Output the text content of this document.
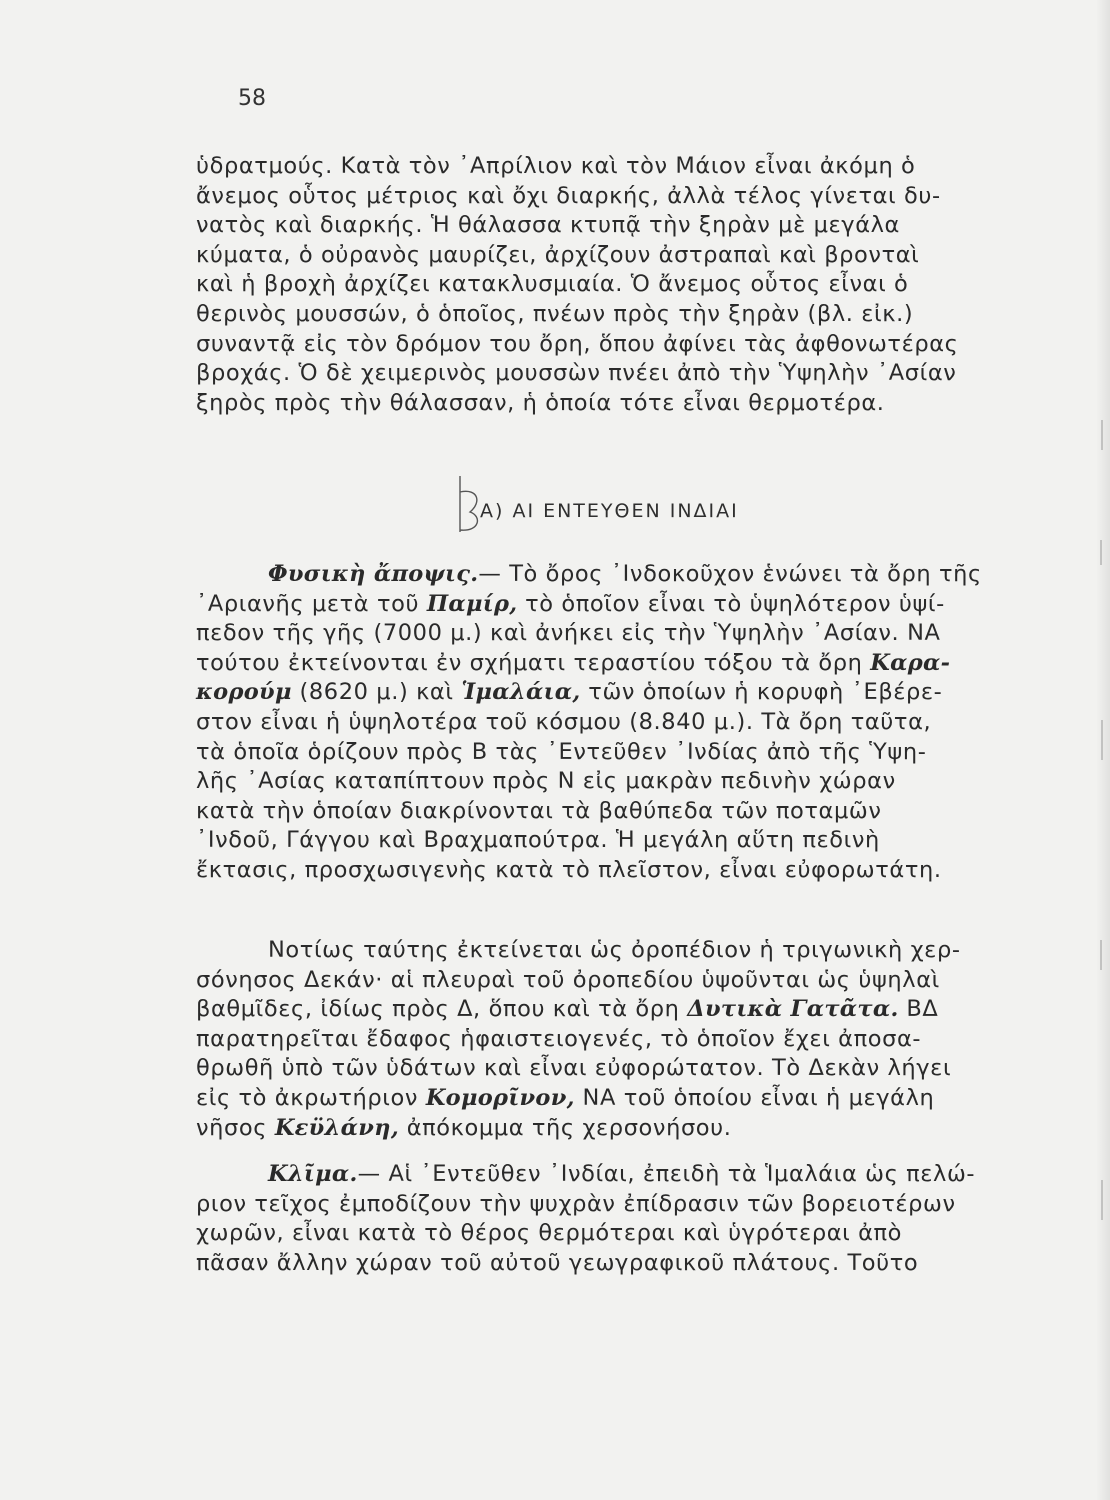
58
ὑδρατμούς. Κατὰ τὸν ᾿Απρίλιον καὶ τὸν Μάιον εἶναι ἀκόμη ὁ
ἄνεμος οὗτος μέτριος καὶ ὄχι διαρκής, ἀλλὰ τέλος γίνεται δυ-
νατὸς καὶ διαρκής. Ἡ θάλασσα κτυπᾷ τὴν ξηρὰν μὲ μεγάλα
κύματα, ὁ οὐρανὸς μαυρίζει, ἀρχίζουν ἀστραπαὶ καὶ βρονταὶ
καὶ ἡ βροχὴ ἀρχίζει κατακλυσμιαία. Ὁ ἄνεμος οὗτος εἶναι ὁ
θερινὸς μουσσών, ὁ ὁποῖος, πνέων πρὸς τὴν ξηρὰν (βλ. εἰκ.)
συναντᾷ εἰς τὸν δρόμον του ὄρη, ὅπου ἀφίνει τὰς ἀφθονωτέρας
βροχάς. Ὁ δὲ χειμερινὸς μουσσὼν πνέει ἀπὸ τὴν Ὑψηλὴν ᾿Ασίαν
ξηρὸς πρὸς τὴν θάλασσαν, ἡ ὁποία τότε εἶναι θερμοτέρα.
Α) ΑΙ ΕΝΤΕΥΘΕΝ ΙΝΔΙΑΙ
Φυσικὴ ἄποψις.— Τὸ ὄρος ᾿Ινδοκοῦχον ἑνώνει τὰ ὄρη τῆς
᾿Αριανῆς μετὰ τοῦ Παμίρ, τὸ ὁποῖον εἶναι τὸ ὑψηλότερον ὑψί-
πεδον τῆς γῆς (7000 μ.) καὶ ἀνήκει εἰς τὴν Ὑψηλὴν ᾿Ασίαν. ΝΑ
τούτου ἐκτείνονται ἐν σχήματι τεραστίου τόξου τὰ ὄρη Καρα-
κορούμ (8620 μ.) καὶ Ἱμαλάια, τῶν ὁποίων ἡ κορυφὴ ᾿Εβέρε-
στον εἶναι ἡ ὑψηλοτέρα τοῦ κόσμου (8.840 μ.). Τὰ ὄρη ταῦτα,
τὰ ὁποῖα ὁρίζουν πρὸς Β τὰς ᾿Εντεῦθεν ᾿Ινδίας ἀπὸ τῆς Ὑψη-
λῆς ᾿Ασίας καταπίπτουν πρὸς Ν εἰς μακρὰν πεδινὴν χώραν
κατὰ τὴν ὁποίαν διακρίνονται τὰ βαθύπεδα τῶν ποταμῶν
᾿Ινδοῦ, Γάγγου καὶ Βραχμαπούτρα. Ἡ μεγάλη αὕτη πεδινὴ
ἔκτασις, προσχωσιγενὴς κατὰ τὸ πλεῖστον, εἶναι εὐφορωτάτη.
Νοτίως ταύτης ἐκτείνεται ὡς ὀροπέδιον ἡ τριγωνικὴ χερ-
σόνησος Δεκάν· αἱ πλευραὶ τοῦ ὀροπεδίου ὑψοῦνται ὡς ὑψηλαὶ
βαθμῖδες, ἰδίως πρὸς Δ, ὅπου καὶ τὰ ὄρη Δυτικὰ Γατᾶτα. ΒΔ
παρατηρεῖται ἔδαφος ἡφαιστειογενές, τὸ ὁποῖον ἔχει ἀποσα-
θρωθῆ ὑπὸ τῶν ὑδάτων καὶ εἶναι εὐφορώτατον. Τὸ Δεκὰν λήγει
εἰς τὸ ἀκρωτήριον Κομορῖνον, ΝΑ τοῦ ὁποίου εἶναι ἡ μεγάλη
νῆσος Κεϋλάνη, ἀπόκομμα τῆς χερσονήσου.
Κλῖμα.— Αἱ ᾿Εντεῦθεν ᾿Ινδίαι, ἐπειδὴ τὰ Ἱμαλάια ὡς πελώ-
ριον τεῖχος ἐμποδίζουν τὴν ψυχρὰν ἐπίδρασιν τῶν βορειοτέρων
χωρῶν, εἶναι κατὰ τὸ θέρος θερμότεραι καὶ ὑγρότεραι ἀπὸ
πᾶσαν ἄλλην χώραν τοῦ αὐτοῦ γεωγραφικοῦ πλάτους. Τοῦτο
